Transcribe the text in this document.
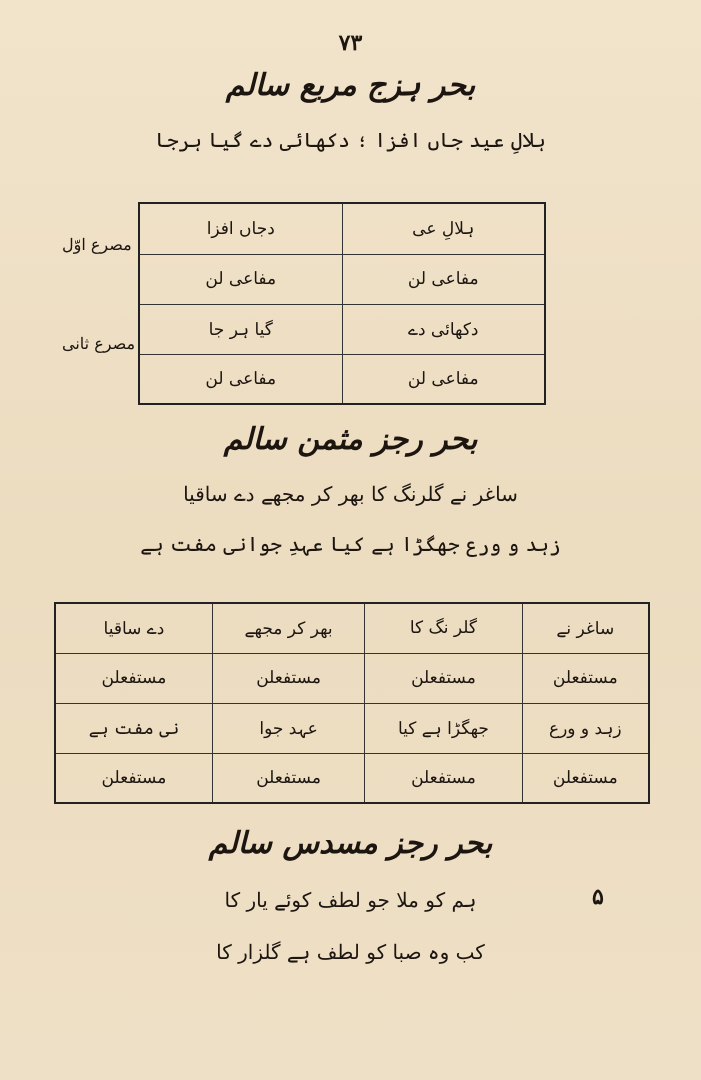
۷۳
بحر ہزج مربع سالم
ہلالِ عید جاں افزا ؛ دکھائی دے گیا ہرجا
مصرع اوّل
مصرع ثانی
ہلالِ عی	دجاں افزا
مفاعی لن	مفاعی لن
دکھائی دے	گیا ہر جا
مفاعی لن	مفاعی لن
بحر رجز مثمن سالم
ساغر نے گلرنگ کا بھر کر مجھے دے ساقیا
زہد و ورع جھگڑا ہے کیا عہدِ جوانی مفت ہے
ساغر نے	گلر نگ کا	بھر کر مجھے	دے ساقیا
مستفعلن	مستفعلن	مستفعلن	مستفعلن
زہد و ورع	جھگڑا ہے کیا	عہد جوا	نی مفت ہے
مستفعلن	مستفعلن	مستفعلن	مستفعلن
بحر رجز مسدس سالم
۵
ہم کو ملا جو لطف کوئے یار کا
کب وہ صبا کو لطف ہے گلزار کا
